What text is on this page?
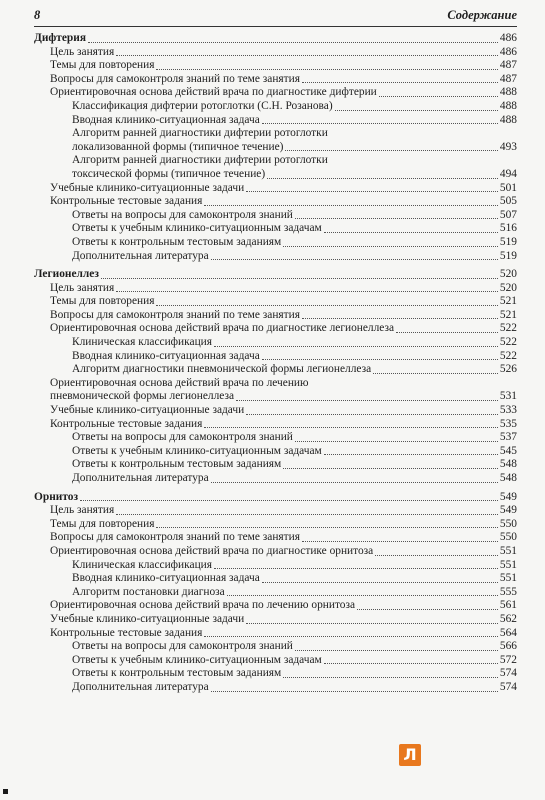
8	Содержание
Дифтерия	486
Цель занятия	486
Темы для повторения	487
Вопросы для самоконтроля знаний по теме занятия	487
Ориентировочная основа действий врача по диагностике дифтерии	488
Классификация дифтерии ротоглотки (С.Н. Розанова)	488
Вводная клинико-ситуационная задача	488
Алгоритм ранней диагностики дифтерии ротоглотки
локализованной формы (типичное течение)	493
Алгоритм ранней диагностики дифтерии ротоглотки
токсической формы (типичное течение)	494
Учебные клинико-ситуационные задачи	501
Контрольные тестовые задания	505
Ответы на вопросы для самоконтроля знаний	507
Ответы к учебным клинико-ситуационным задачам	516
Ответы к контрольным тестовым заданиям	519
Дополнительная литература	519
Легионеллез	520
Цель занятия	520
Темы для повторения	521
Вопросы для самоконтроля знаний по теме занятия	521
Ориентировочная основа действий врача по диагностике легионеллеза	522
Клиническая классификация	522
Вводная клинико-ситуационная задача	522
Алгоритм диагностики пневмонической формы легионеллеза	526
Ориентировочная основа действий врача по лечению
пневмонической формы легионеллеза	531
Учебные клинико-ситуационные задачи	533
Контрольные тестовые задания	535
Ответы на вопросы для самоконтроля знаний	537
Ответы к учебным клинико-ситуационным задачам	545
Ответы к контрольным тестовым заданиям	548
Дополнительная литература	548
Орнитоз	549
Цель занятия	549
Темы для повторения	550
Вопросы для самоконтроля знаний по теме занятия	550
Ориентировочная основа действий врача по диагностике орнитоза	551
Клиническая классификация	551
Вводная клинико-ситуационная задача	551
Алгоритм постановки диагноза	555
Ориентировочная основа действий врача по лечению орнитоза	561
Учебные клинико-ситуационные задачи	562
Контрольные тестовые задания	564
Ответы на вопросы для самоконтроля знаний	566
Ответы к учебным клинико-ситуационным задачам	572
Ответы к контрольным тестовым заданиям	574
Дополнительная литература	574
Л
